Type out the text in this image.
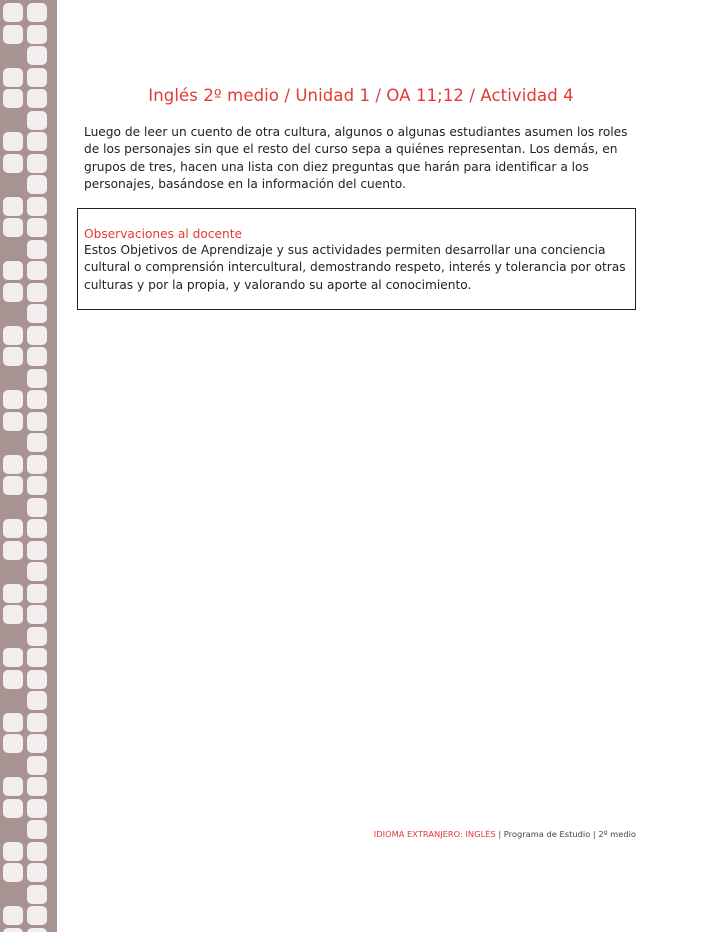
Inglés 2º medio / Unidad 1 / OA 11;12 / Actividad 4

Luego de leer un cuento de otra cultura, algunos o algunas estudiantes asumen los roles de los personajes sin que el resto del curso sepa a quiénes representan. Los demás, en grupos de tres, hacen una lista con diez preguntas que harán para identificar a los personajes, basándose en la información del cuento.

Observaciones al docente

Estos Objetivos de Aprendizaje y sus actividades permiten desarrollar una conciencia cultural o comprensión intercultural, demostrando respeto, interés y tolerancia por otras culturas y por la propia, y valorando su aporte al conocimiento.

IDIOMA EXTRANJERO: INGLÉS | Programa de Estudio | 2º medio
